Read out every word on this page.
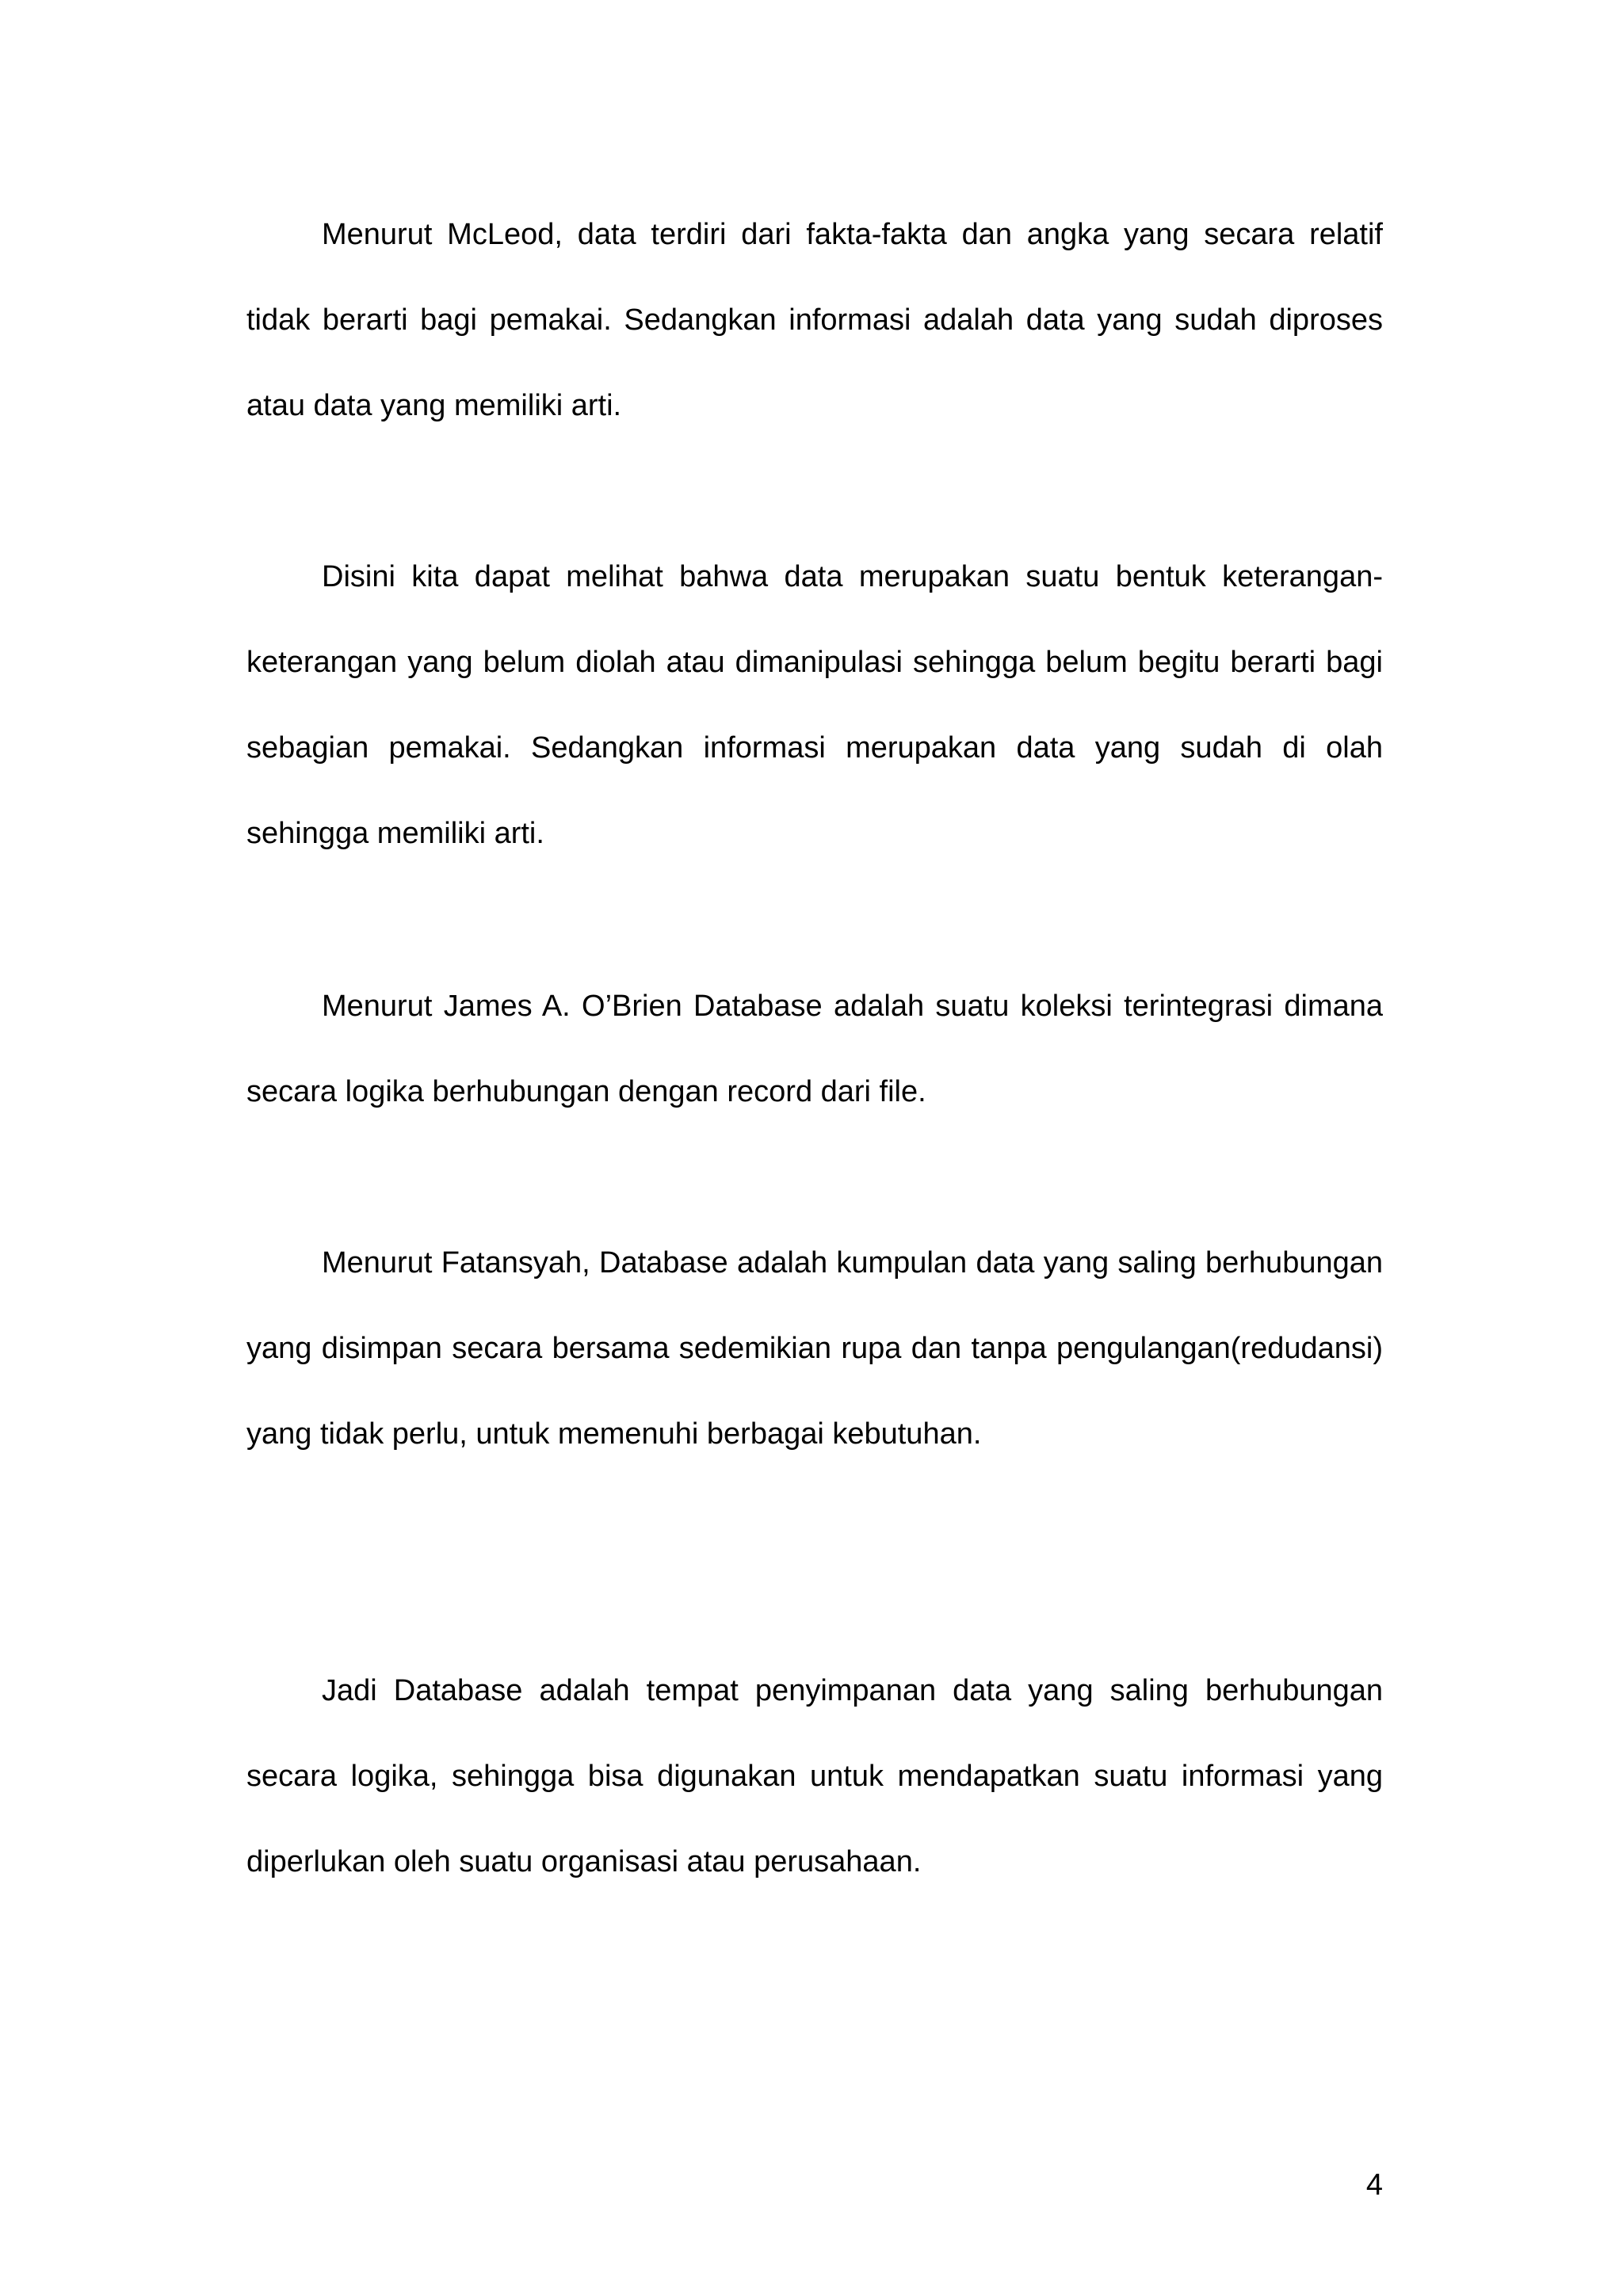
Menurut McLeod, data terdiri dari fakta-fakta dan angka yang secara relatif tidak berarti bagi pemakai. Sedangkan informasi adalah data yang sudah diproses atau data yang memiliki arti.

Disini kita dapat melihat bahwa data merupakan suatu bentuk keterangan-keterangan yang belum diolah atau dimanipulasi sehingga belum begitu berarti bagi sebagian pemakai. Sedangkan informasi merupakan data yang sudah di olah sehingga memiliki arti.

Menurut James A. O’Brien Database adalah suatu koleksi terintegrasi dimana secara logika berhubungan dengan record dari file.

Menurut Fatansyah, Database adalah kumpulan data yang saling berhubungan yang disimpan secara bersama sedemikian rupa dan tanpa pengulangan(redudansi) yang tidak perlu, untuk memenuhi berbagai kebutuhan.

Jadi Database adalah tempat penyimpanan data yang saling berhubungan secara logika, sehingga bisa digunakan untuk mendapatkan suatu informasi yang diperlukan oleh suatu organisasi atau perusahaan.

4
